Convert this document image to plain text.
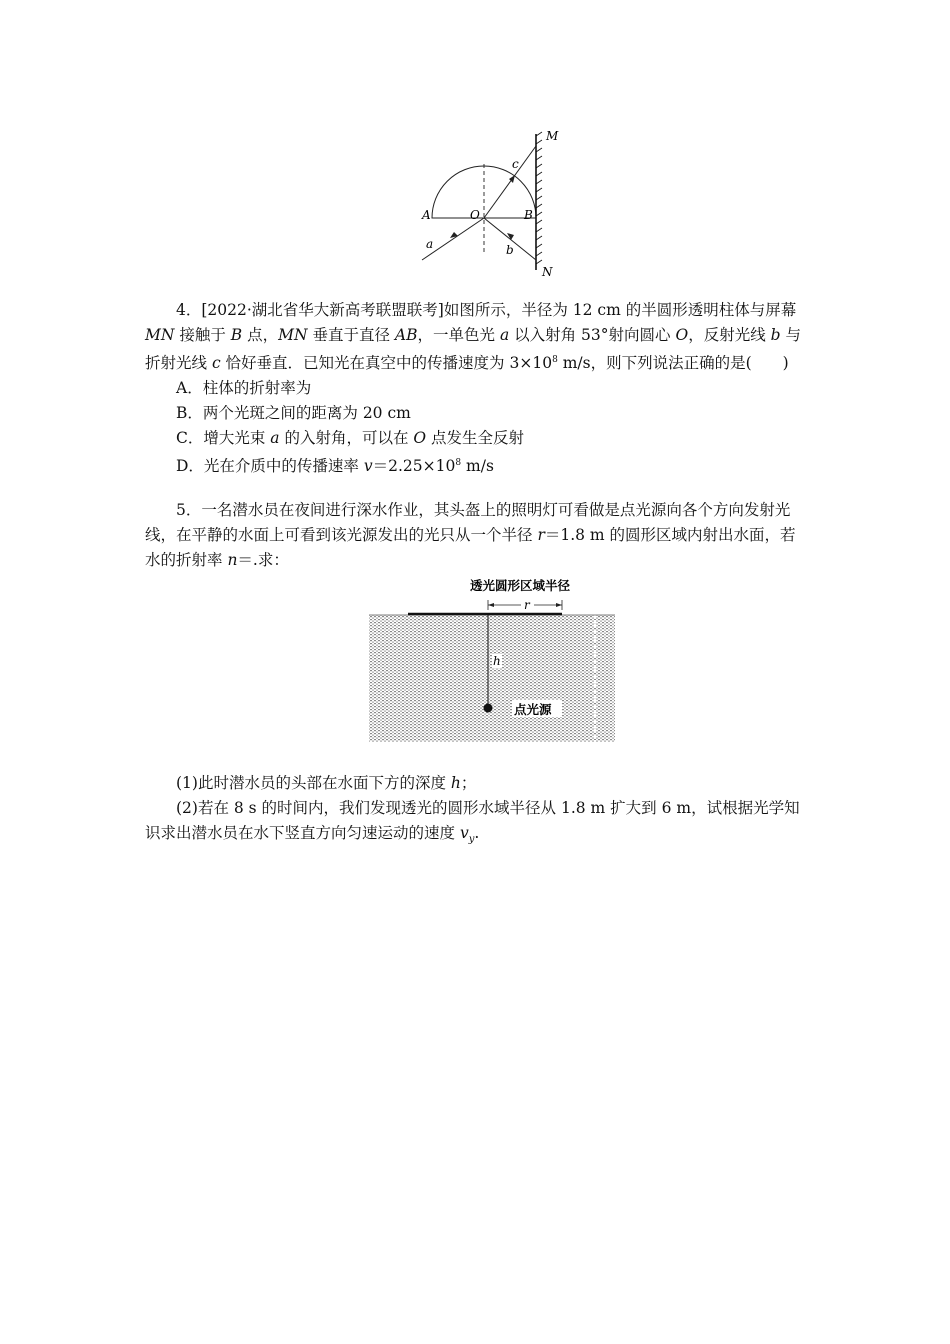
M
N
A	O	B
a	b
c

4．[2022·湖北省华大新高考联盟联考]如图所示，半径为 12 cm 的半圆形透明柱体与屏幕 MN 接触于 B 点，MN 垂直于直径 AB，一单色光 a 以入射角 53°射向圆心 O，反射光线 b 与折射光线 c 恰好垂直．已知光在真空中的传播速度为 $3\times 10^8$ m/s，则下列说法正确的是(　　)

A．柱体的折射率为

B．两个光斑之间的距离为 20 cm

C．增大光束 a 的入射角，可以在 O 点发生全反射

D．光在介质中的传播速率 $v=2.25\times 10^8$ m/s

5．一名潜水员在夜间进行深水作业，其头盔上的照明灯可看做是点光源向各个方向发射光线，在平静的水面上可看到该光源发出的光只从一个半径 r＝1.8 m 的圆形区域内射出水面，若水的折射率 n＝.求：

透光圆形区域半径
r
h
点光源

(1)此时潜水员的头部在水面下方的深度 h；

(2)若在 8 s 的时间内，我们发现透光的圆形水域半径从 1.8 m 扩大到 6 m，试根据光学知识求出潜水员在水下竖直方向匀速运动的速度 $v_y$.
